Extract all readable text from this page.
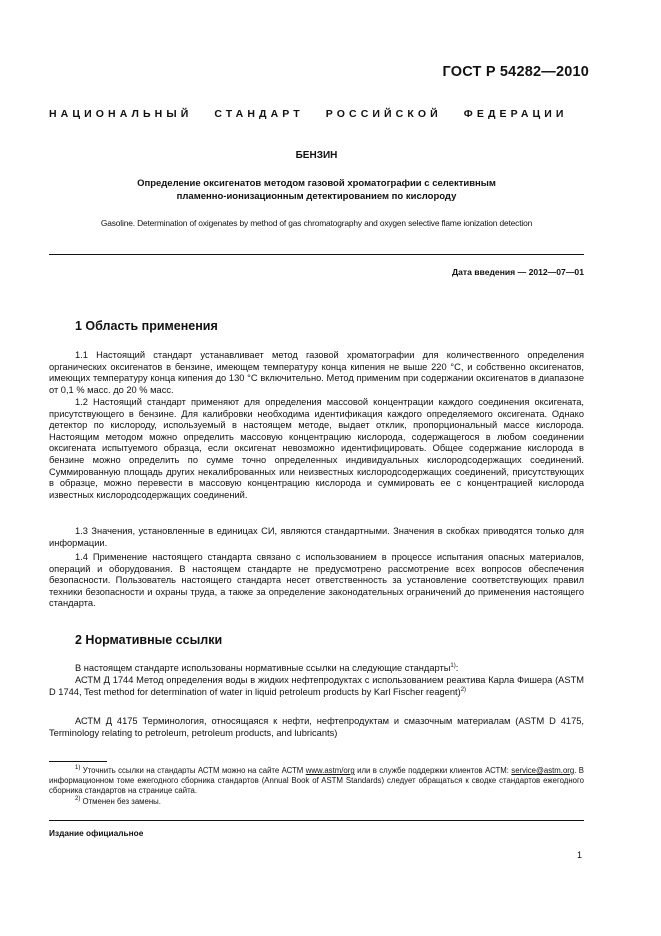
ГОСТ Р 54282—2010
НАЦИОНАЛЬНЫЙ СТАНДАРТ РОССИЙСКОЙ ФЕДЕРАЦИИ
БЕНЗИН
Определение оксигенатов методом газовой хроматографии с селективным
пламенно-ионизационным детектированием по кислороду
Gasoline. Determination of oxigenates by method of gas chromatography and oxygen selective flame ionization detection
Дата введения — 2012—07—01
1 Область применения

1.1 Настоящий стандарт устанавливает метод газовой хроматографии для количественного определения органических оксигенатов в бензине, имеющем температуру конца кипения не выше 220 °С, и собственно оксигенатов, имеющих температуру конца кипения до 130 °С включительно. Метод применим при содержании оксигенатов в диапазоне от 0,1 % масс. до 20 % масс.

1.2 Настоящий стандарт применяют для определения массовой концентрации каждого соединения оксигената, присутствующего в бензине. Для калибровки необходима идентификация каждого определяемого оксигената. Однако детектор по кислороду, используемый в настоящем методе, выдает отклик, пропорциональный массе кислорода. Настоящим методом можно определить массовую концентрацию кислорода, содержащегося в любом соединении оксигената испытуемого образца, если оксигенат невозможно идентифицировать. Общее содержание кислорода в бензине можно определить по сумме точно определенных индивидуальных кислородсодержащих соединений. Суммированную площадь других некалиброванных или неизвестных кислородсодержащих соединений, присутствующих в образце, можно перевести в массовую концентрацию кислорода и суммировать ее с концентрацией кислорода известных кислородсодержащих соединений.

1.3 Значения, установленные в единицах СИ, являются стандартными. Значения в скобках приводятся только для информации.

1.4 Применение настоящего стандарта связано с использованием в процессе испытания опасных материалов, операций и оборудования. В настоящем стандарте не предусмотрено рассмотрение всех вопросов обеспечения безопасности. Пользователь настоящего стандарта несет ответственность за установление соответствующих правил техники безопасности и охраны труда, а также за определение законодательных ограничений до применения настоящего стандарта.

2 Нормативные ссылки

В настоящем стандарте использованы нормативные ссылки на следующие стандарты$^{1)}$:

АСТМ Д 1744 Метод определения воды в жидких нефтепродуктах с использованием реактива Карла Фишера (ASTM D 1744, Test method for determination of water in liquid petroleum products by Karl Fischer reagent)$^{2)}$

АСТМ Д 4175 Терминология, относящаяся к нефти, нефтепродуктам и смазочным материалам (ASTM D 4175, Terminology relating to petroleum, petroleum products, and lubricants)

$^{1)}$ Уточнить ссылки на стандарты АСТМ можно на сайте АСТМ www.astm/org или в службе поддержки клиентов АСТМ: service@astm.org. В информационном томе ежегодного сборника стандартов (Annual Book of ASTM Standards) следует обращаться к сводке стандартов ежегодного сборника стандартов на странице сайта.

$^{2)}$ Отменен без замены.

Издание официальное
1
